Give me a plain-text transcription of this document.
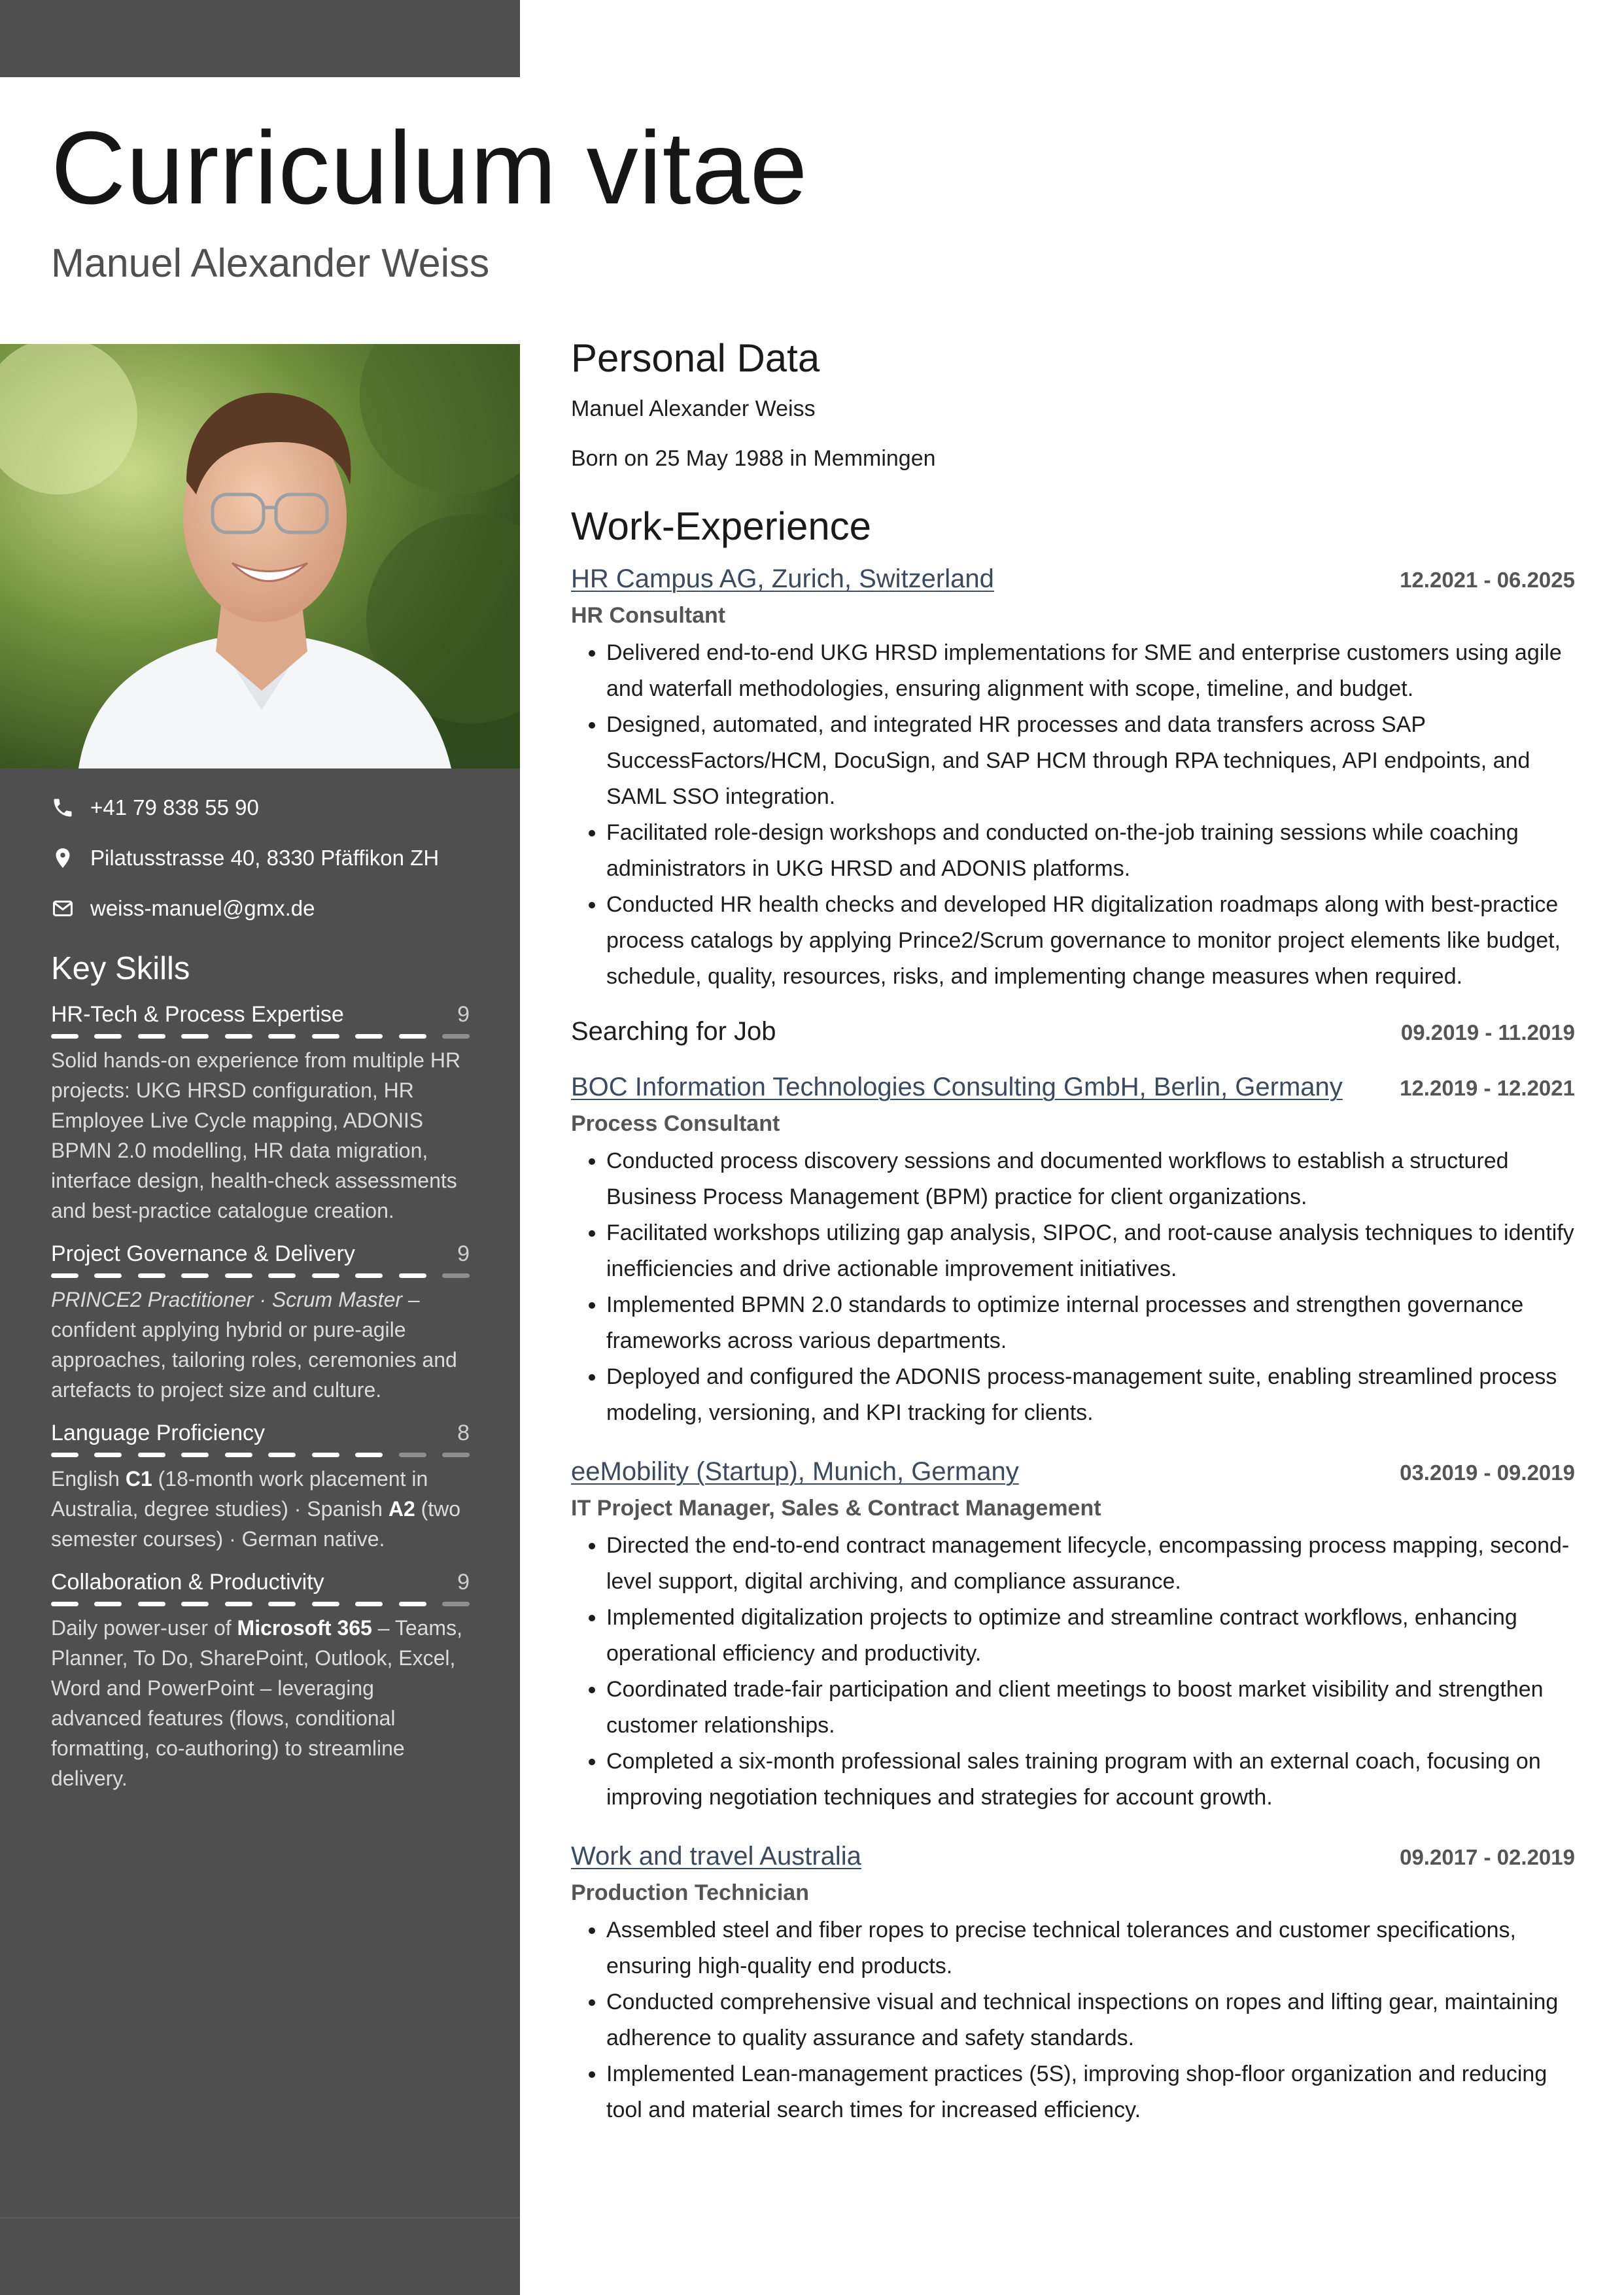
Curriculum vitae
Manuel Alexander Weiss
+41 79 838 55 90
Pilatusstrasse 40, 8330 Pfäffikon ZH
weiss-manuel@gmx.de
Key Skills
HR-Tech & Process Expertise	9
Solid hands-on experience from multiple HR projects: UKG HRSD configuration, HR Employee Live Cycle mapping, ADONIS BPMN 2.0 modelling, HR data migration, interface design, health-check assessments and best-practice catalogue creation.
Project Governance & Delivery	9
PRINCE2 Practitioner · Scrum Master – confident applying hybrid or pure-agile approaches, tailoring roles, ceremonies and artefacts to project size and culture.
Language Proficiency	8
English C1 (18-month work placement in Australia, degree studies) · Spanish A2 (two semester courses) · German native.
Collaboration & Productivity	9
Daily power-user of Microsoft 365 – Teams, Planner, To Do, SharePoint, Outlook, Excel, Word and PowerPoint – leveraging advanced features (flows, conditional formatting, co-authoring) to streamline delivery.
Personal Data

Manuel Alexander Weiss

Born on 25 May 1988 in Memmingen

Work-Experience
HR Campus AG, Zurich, Switzerland	12.2021 - 06.2025
HR Consultant
• Delivered end-to-end UKG HRSD implementations for SME and enterprise customers using agile and waterfall methodologies, ensuring alignment with scope, timeline, and budget.
• Designed, automated, and integrated HR processes and data transfers across SAP SuccessFactors/HCM, DocuSign, and SAP HCM through RPA techniques, API endpoints, and SAML SSO integration.
• Facilitated role-design workshops and conducted on-the-job training sessions while coaching administrators in UKG HRSD and ADONIS platforms.
• Conducted HR health checks and developed HR digitalization roadmaps along with best-practice process catalogs by applying Prince2/Scrum governance to monitor project elements like budget, schedule, quality, resources, risks, and implementing change measures when required.
Searching for Job	09.2019 - 11.2019
BOC Information Technologies Consulting GmbH, Berlin, Germany	12.2019 - 12.2021
Process Consultant
• Conducted process discovery sessions and documented workflows to establish a structured Business Process Management (BPM) practice for client organizations.
• Facilitated workshops utilizing gap analysis, SIPOC, and root-cause analysis techniques to identify inefficiencies and drive actionable improvement initiatives.
• Implemented BPMN 2.0 standards to optimize internal processes and strengthen governance frameworks across various departments.
• Deployed and configured the ADONIS process-management suite, enabling streamlined process modeling, versioning, and KPI tracking for clients.
eeMobility (Startup), Munich, Germany	03.2019 - 09.2019
IT Project Manager, Sales & Contract Management
• Directed the end-to-end contract management lifecycle, encompassing process mapping, second-level support, digital archiving, and compliance assurance.
• Implemented digitalization projects to optimize and streamline contract workflows, enhancing operational efficiency and productivity.
• Coordinated trade-fair participation and client meetings to boost market visibility and strengthen customer relationships.
• Completed a six-month professional sales training program with an external coach, focusing on improving negotiation techniques and strategies for account growth.
Work and travel Australia	09.2017 - 02.2019
Production Technician
• Assembled steel and fiber ropes to precise technical tolerances and customer specifications, ensuring high-quality end products.
• Conducted comprehensive visual and technical inspections on ropes and lifting gear, maintaining adherence to quality assurance and safety standards.
• Implemented Lean-management practices (5S), improving shop-floor organization and reducing tool and material search times for increased efficiency.
